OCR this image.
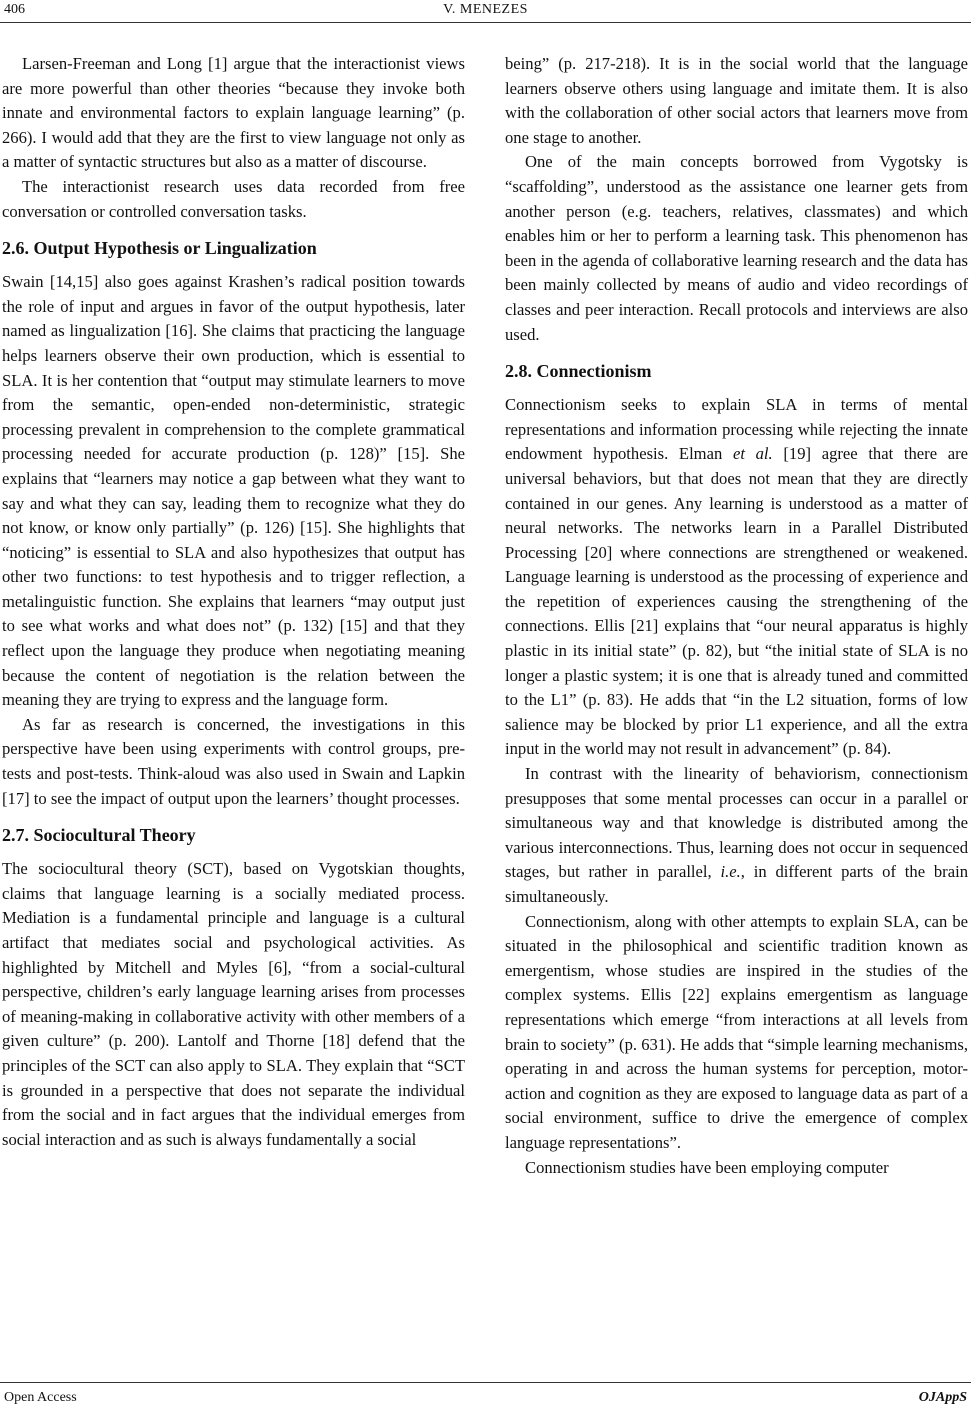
406	V. MENEZES

Larsen-Freeman and Long [1] argue that the interactionist views are more powerful than other theories “because they invoke both innate and environmental factors to explain language learning” (p. 266). I would add that they are the first to view language not only as a matter of syntactic structures but also as a matter of discourse.

The interactionist research uses data recorded from free conversation or controlled conversation tasks.

2.6. Output Hypothesis or Lingualization

Swain [14,15] also goes against Krashen’s radical position towards the role of input and argues in favor of the output hypothesis, later named as lingualization [16]. She claims that practicing the language helps learners observe their own production, which is essential to SLA. It is her contention that “output may stimulate learners to move from the semantic, open-ended non-deterministic, strategic processing prevalent in comprehension to the complete grammatical processing needed for accurate production (p. 128)” [15]. She explains that “learners may notice a gap between what they want to say and what they can say, leading them to recognize what they do not know, or know only partially” (p. 126) [15]. She highlights that “noticing” is essential to SLA and also hypothesizes that output has other two functions: to test hypothesis and to trigger reflection, a metalinguistic function. She explains that learners “may output just to see what works and what does not” (p. 132) [15] and that they reflect upon the language they produce when negotiating meaning because the content of negotiation is the relation between the meaning they are trying to express and the language form.

As far as research is concerned, the investigations in this perspective have been using experiments with control groups, pre-tests and post-tests. Think-aloud was also used in Swain and Lapkin [17] to see the impact of output upon the learners’ thought processes.

2.7. Sociocultural Theory

The sociocultural theory (SCT), based on Vygotskian thoughts, claims that language learning is a socially mediated process. Mediation is a fundamental principle and language is a cultural artifact that mediates social and psychological activities. As highlighted by Mitchell and Myles [6], “from a social-cultural perspective, children’s early language learning arises from processes of meaning-making in collaborative activity with other members of a given culture” (p. 200). Lantolf and Thorne [18] defend that the principles of the SCT can also apply to SLA. They explain that “SCT is grounded in a perspective that does not separate the individual from the social and in fact argues that the individual emerges from social interaction and as such is always fundamentally a social

being” (p. 217-218). It is in the social world that the language learners observe others using language and imitate them. It is also with the collaboration of other social actors that learners move from one stage to another.

One of the main concepts borrowed from Vygotsky is “scaffolding”, understood as the assistance one learner gets from another person (e.g. teachers, relatives, classmates) and which enables him or her to perform a learning task. This phenomenon has been in the agenda of collaborative learning research and the data has been mainly collected by means of audio and video recordings of classes and peer interaction. Recall protocols and interviews are also used.

2.8. Connectionism

Connectionism seeks to explain SLA in terms of mental representations and information processing while rejecting the innate endowment hypothesis. Elman et al. [19] agree that there are universal behaviors, but that does not mean that they are directly contained in our genes. Any learning is understood as a matter of neural networks. The networks learn in a Parallel Distributed Processing [20] where connections are strengthened or weakened. Language learning is understood as the processing of experience and the repetition of experiences causing the strengthening of the connections. Ellis [21] explains that “our neural apparatus is highly plastic in its initial state” (p. 82), but “the initial state of SLA is no longer a plastic system; it is one that is already tuned and committed to the L1” (p. 83). He adds that “in the L2 situation, forms of low salience may be blocked by prior L1 experience, and all the extra input in the world may not result in advancement” (p. 84).

In contrast with the linearity of behaviorism, connectionism presupposes that some mental processes can occur in a parallel or simultaneous way and that knowledge is distributed among the various interconnections. Thus, learning does not occur in sequenced stages, but rather in parallel, i.e., in different parts of the brain simultaneously.

Connectionism, along with other attempts to explain SLA, can be situated in the philosophical and scientific tradition known as emergentism, whose studies are inspired in the studies of the complex systems. Ellis [22] explains emergentism as language representations which emerge “from interactions at all levels from brain to society” (p. 631). He adds that “simple learning mechanisms, operating in and across the human systems for perception, motor-action and cognition as they are exposed to language data as part of a social environment, suffice to drive the emergence of complex language representations”.

Connectionism studies have been employing computer

Open Access	OJAppS
